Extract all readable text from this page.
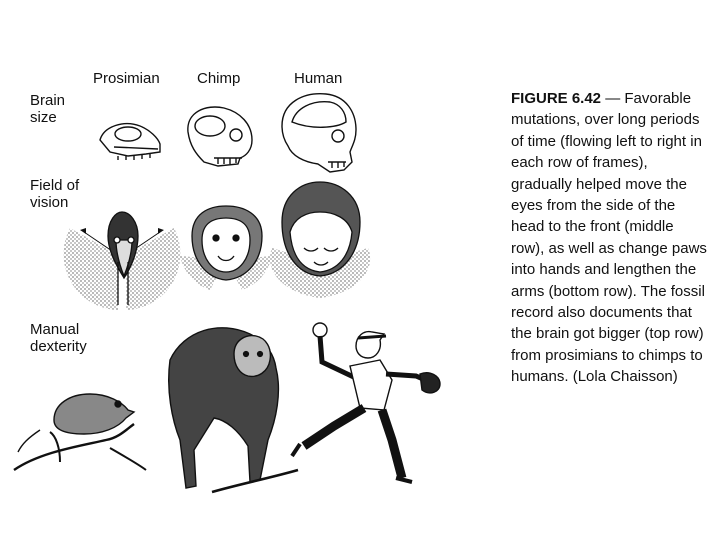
Prosimian Chimp	Human
Brain
size
Field of
vision
Manual
dexterity
FIGURE 6.42 — Favorable mutations, over long periods of time (flowing left to right in each row of frames), gradually helped move the eyes from the side of the head to the front (middle row), as well as change paws into hands and lengthen the arms (bottom row). The fossil record also documents that the brain got bigger (top row) from prosimians to chimps to humans. (Lola Chaisson)
